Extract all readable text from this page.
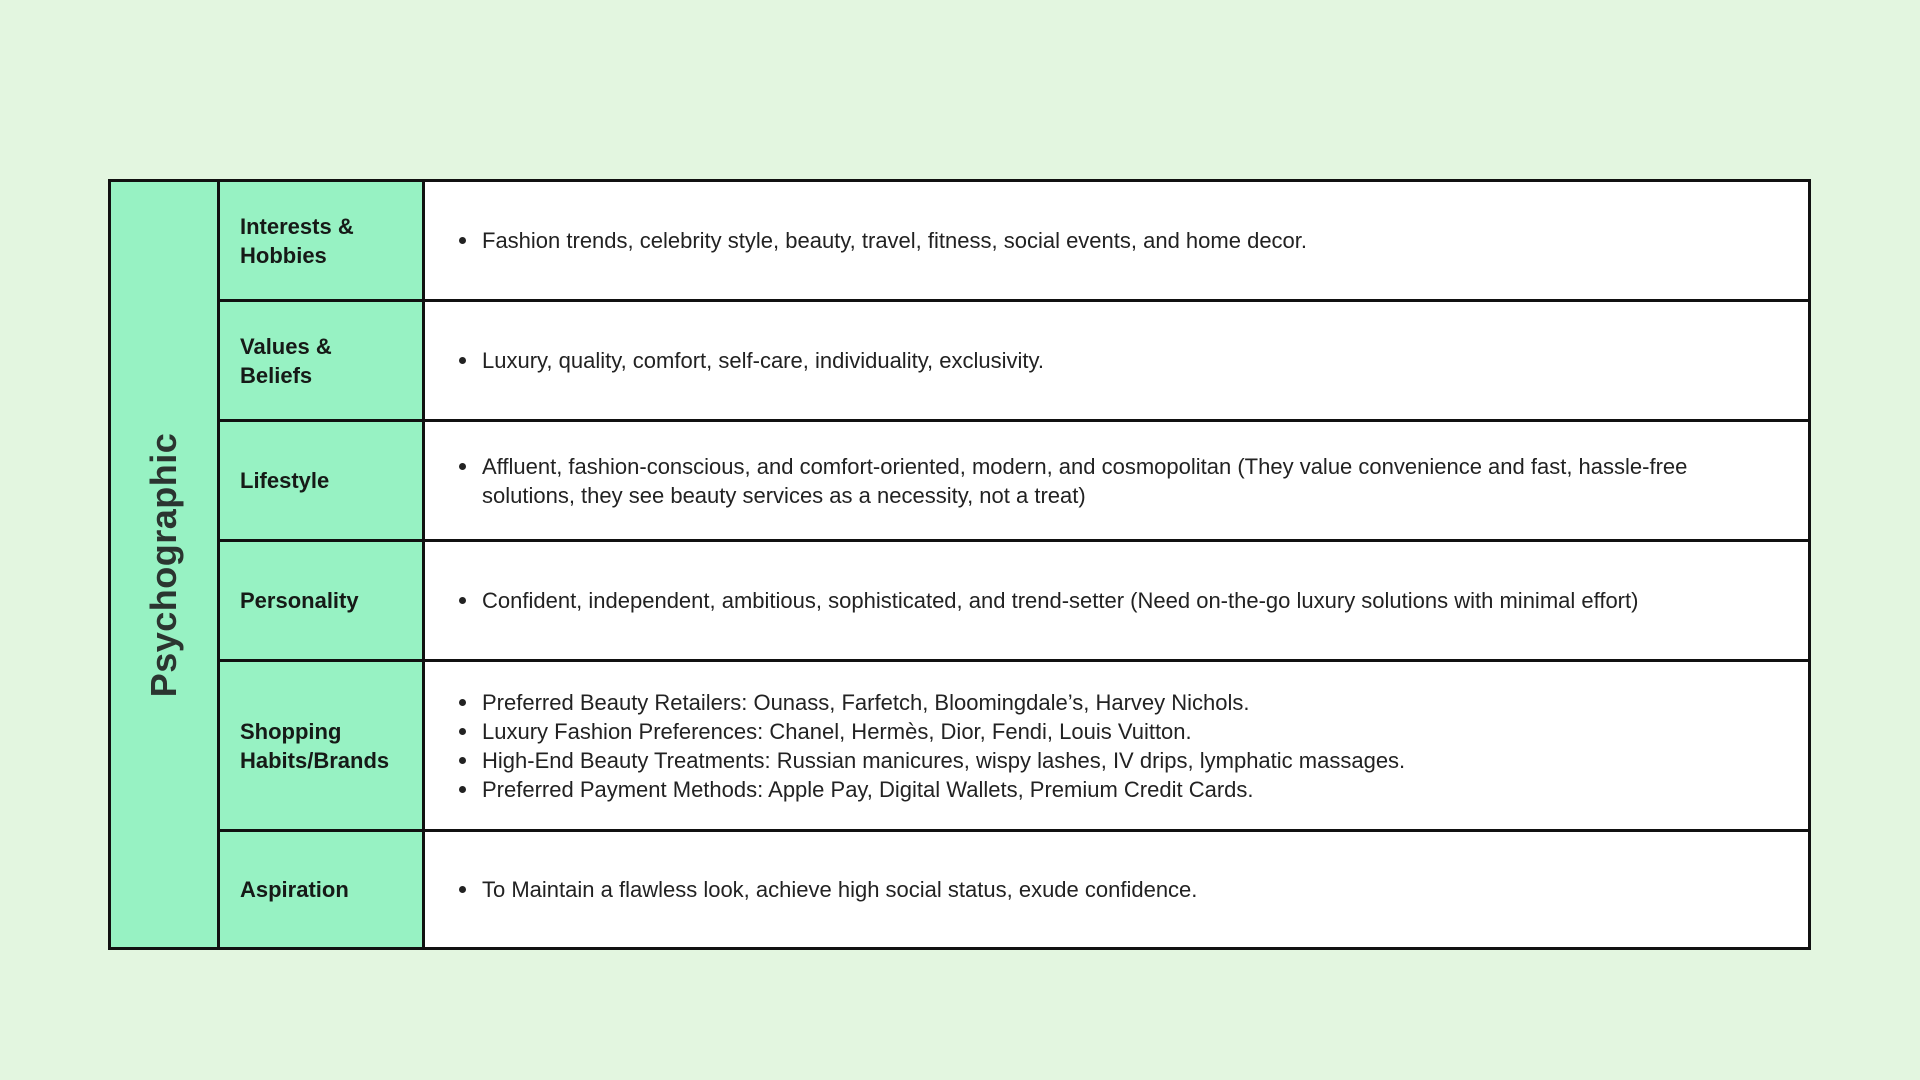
Psychographic
Interests & Hobbies
Fashion trends, celebrity style, beauty, travel, fitness, social events, and home decor.
Values & Beliefs
Luxury, quality, comfort, self-care, individuality, exclusivity.
Lifestyle
Affluent, fashion-conscious, and comfort-oriented, modern, and cosmopolitan (They value convenience and fast, hassle-free solutions, they see beauty services as a necessity, not a treat)
Personality	Confident, independent, ambitious, sophisticated, and trend-setter (Need on-the-go luxury solutions with minimal effort)
Shopping Habits/Brands
Preferred Beauty Retailers: Ounass, Farfetch, Bloomingdale’s, Harvey Nichols.
Luxury Fashion Preferences: Chanel, Hermès, Dior, Fendi, Louis Vuitton.
High-End Beauty Treatments: Russian manicures, wispy lashes, IV drips, lymphatic massages.
Preferred Payment Methods: Apple Pay, Digital Wallets, Premium Credit Cards.
Aspiration	To Maintain a flawless look, achieve high social status, exude confidence.
